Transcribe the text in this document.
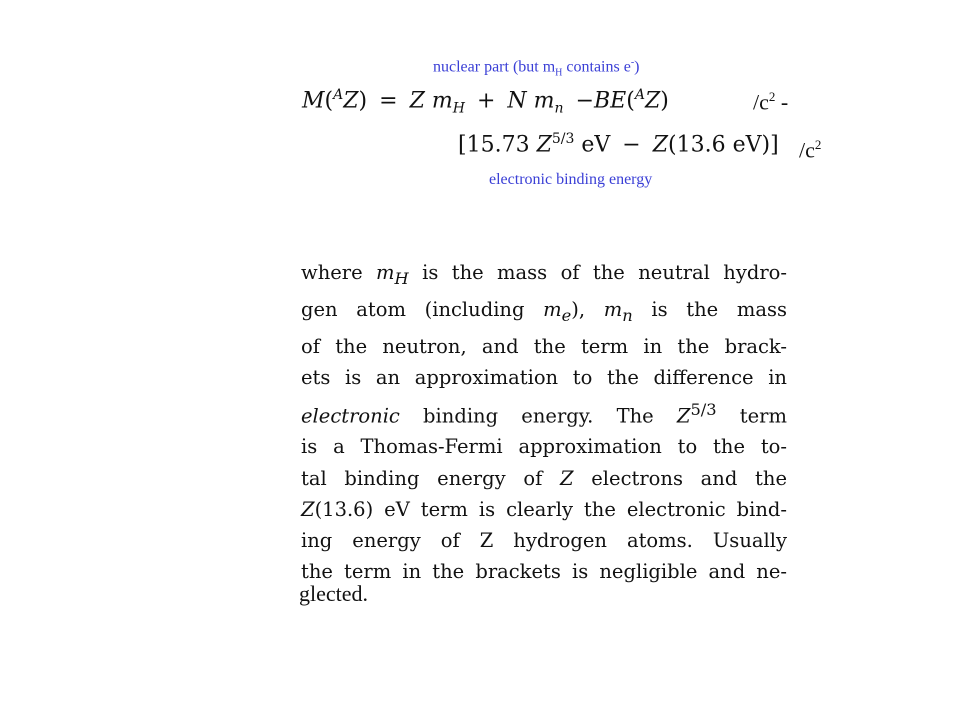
nuclear part (but $m_H$ contains e-)
M($^A$Z) = Z $m_H + N$ $m_n -BE(^AZ)$	$/c^2$ -
[15.73 $Z^{5/3}$ eV − Z(13.6 eV)] $/c^2$
electronic binding energy
where $m_H$ is the mass of the neutral hydro-
gen atom (including $m_e$), $m_n$ is the mass
of the neutron, and the term in the brack-
ets is an approximation to the difference in
electronic binding energy. The $Z^{5/3}$ term
is a Thomas-Fermi approximation to the to-
tal binding energy of Z electrons and the
Z(13.6) eV term is clearly the electronic bind-
ing energy of Z hydrogen atoms. Usually
the term in the brackets is negligible and ne-
glected.
